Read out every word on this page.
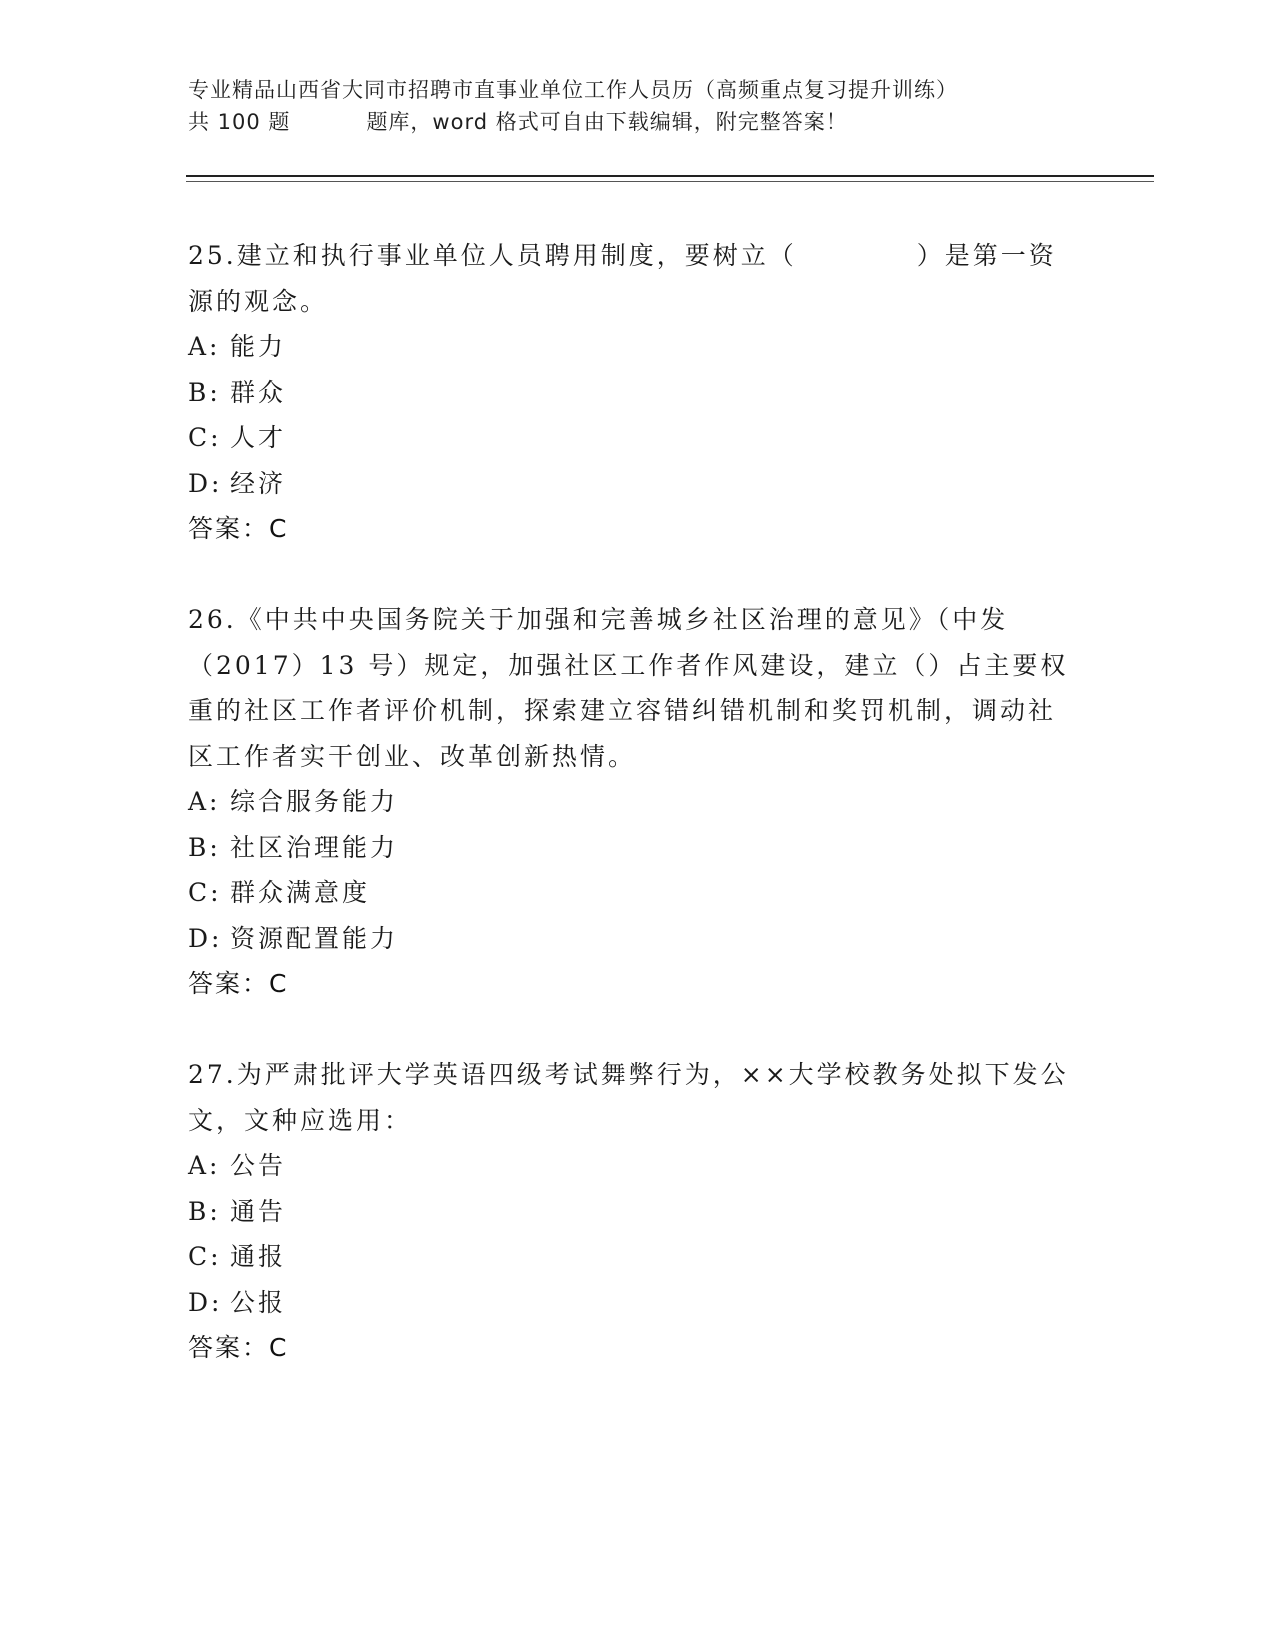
专业精品山西省大同市招聘市直事业单位工作人员历（高频重点复习提升训练）
共 100 题	题库，word 格式可自由下载编辑，附完整答案！

25.建立和执行事业单位人员聘用制度，要树立（	）是第一资源的观念。

A: 能力

B: 群众

C: 人才

D: 经济

答案：C

26.《中共中央国务院关于加强和完善城乡社区治理的意见》（中发（2017）13 号）规定，加强社区工作者作风建设，建立（）占主要权重的社区工作者评价机制，探索建立容错纠错机制和奖罚机制，调动社区工作者实干创业、改革创新热情。

A: 综合服务能力

B: 社区治理能力

C: 群众满意度

D: 资源配置能力

答案：C

27.为严肃批评大学英语四级考试舞弊行为，××大学校教务处拟下发公文，文种应选用：

A: 公告

B: 通告

C: 通报

D: 公报

答案：C
